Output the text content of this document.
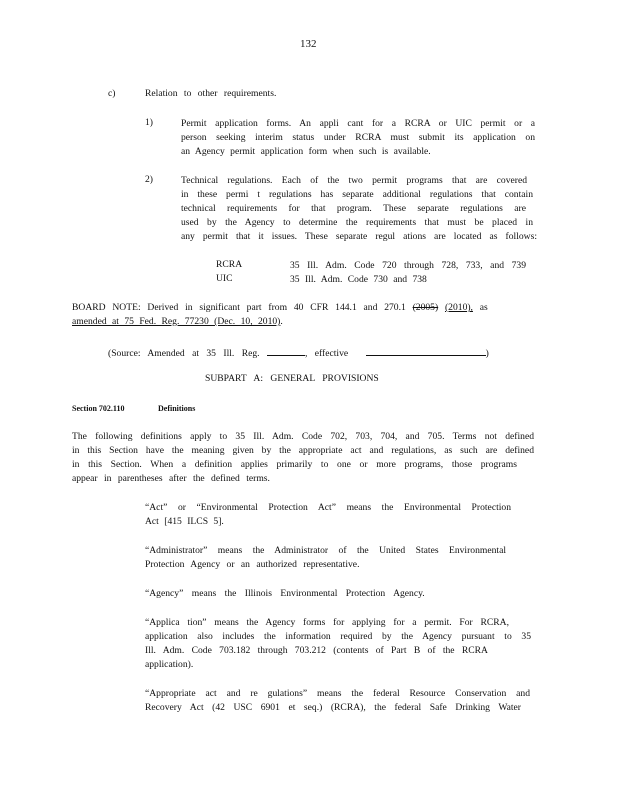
132
c)	Relation to other requirements.
1)	Permit application forms. An appli cant for a RCRA or UIC permit or a
person seeking interim status under RCRA must submit its application on
an Agency permit application form when such is available.
2)	Technical regulations. Each of the two permit programs that are covered
in these permi t regulations has separate additional regulations that contain
technical requirements for that program. These separate regulations are
used by the Agency to determine the requirements that must be placed in
any permit that it issues. These separate regul ations are located as follows:
RCRA	35 Ill. Adm. Code 720 through 728, 733, and 739
UIC	35 Ill. Adm. Code 730 and 738
BOARD NOTE: Derived in significant part from 40 CFR 144.1 and 270.1 (2005) (2010), as
amended at 75 Fed. Reg. 77230 (Dec. 10, 2010).
(Source: Amended at 35 Ill. Reg.	, effective	)
SUBPART A: GENERAL PROVISIONS
Section 702.110	Definitions
The following definitions apply to 35 Ill. Adm. Code 702, 703, 704, and 705. Terms not defined
in this Section have the meaning given by the appropriate act and regulations, as such are defined
in this Section. When a definition applies primarily to one or more programs, those programs
appear in parentheses after the defined terms.
“Act” or “Environmental Protection Act” means the Environmental Protection
Act [415 ILCS 5].
“Administrator” means the Administrator of the United States Environmental
Protection Agency or an authorized representative.
“Agency” means the Illinois Environmental Protection Agency.
“Applica tion” means the Agency forms for applying for a permit. For RCRA,
application also includes the information required by the Agency pursuant to 35
Ill. Adm. Code 703.182 through 703.212 (contents of Part B of the RCRA
application).
“Appropriate act and re gulations” means the federal Resource Conservation and
Recovery Act (42 USC 6901 et seq.) (RCRA), the federal Safe Drinking Water
